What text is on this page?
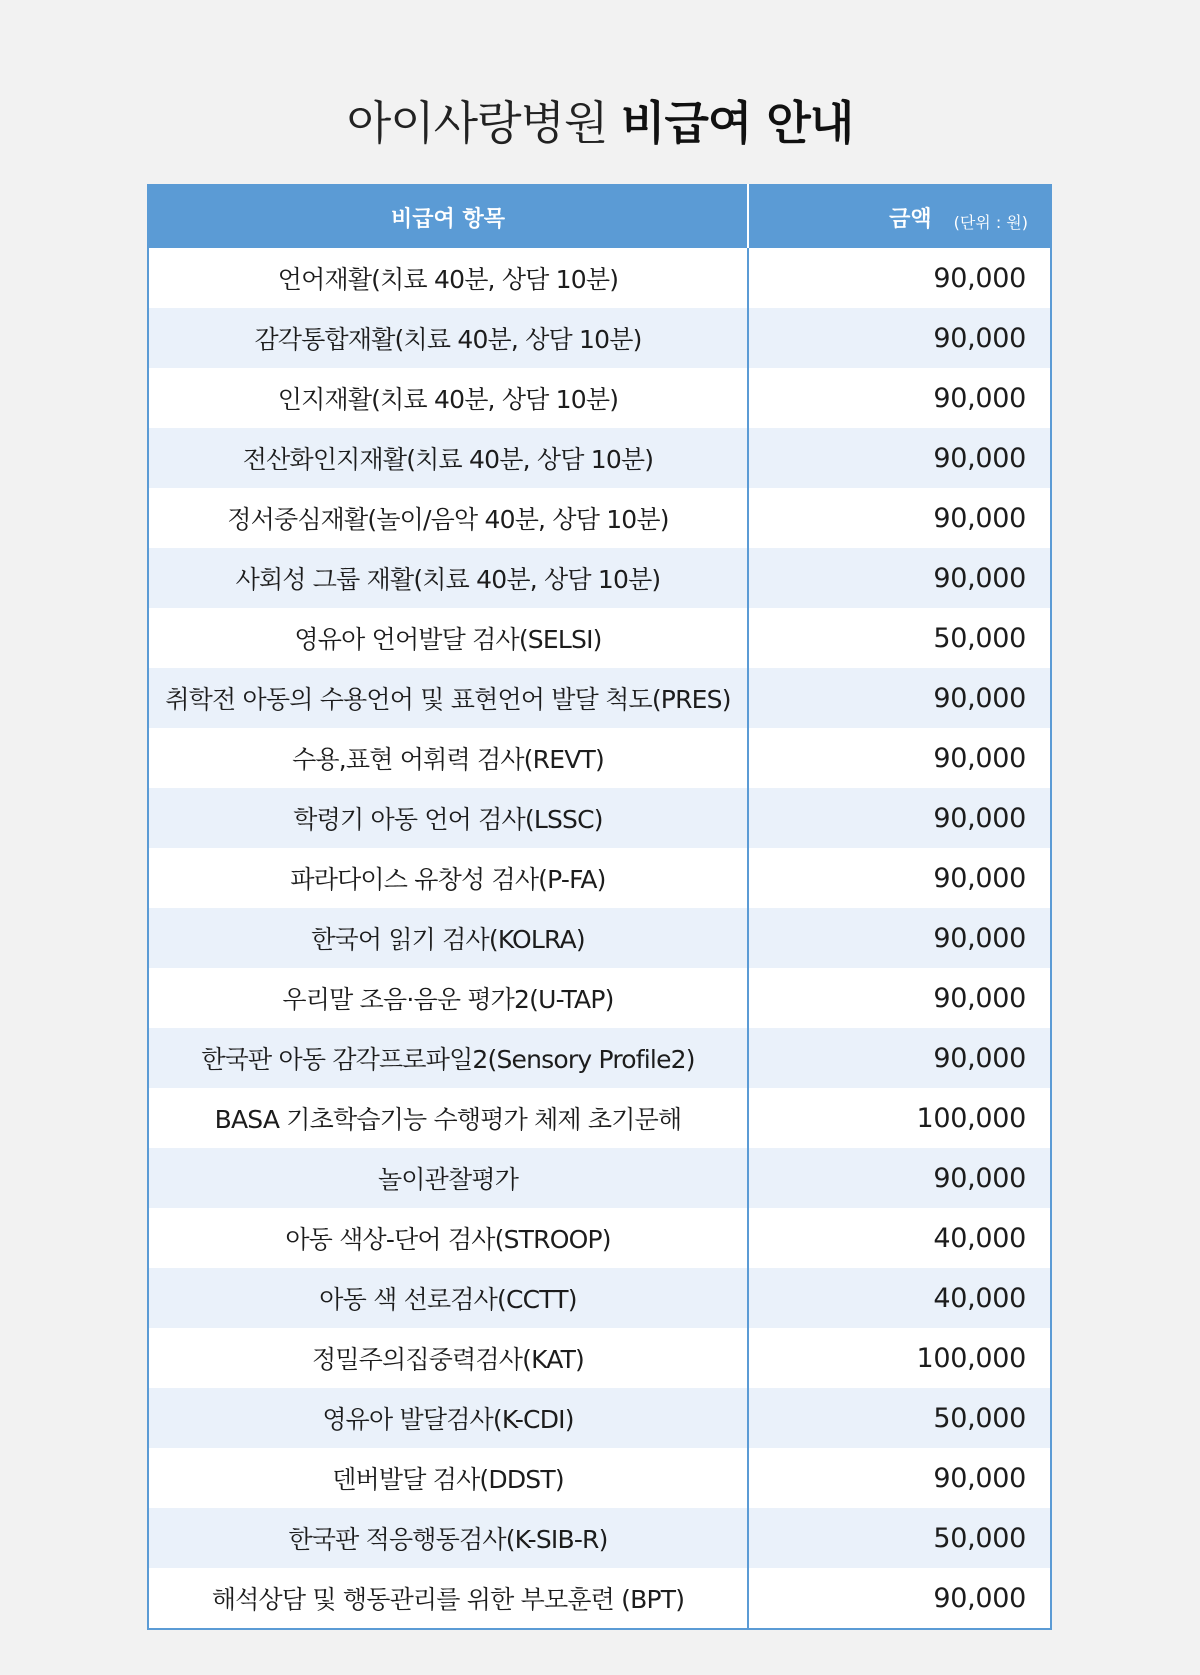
아이사랑병원 비급여 안내
비급여 항목	금액 (단위 : 원)
언어재활(치료 40분, 상담 10분)	90,000
감각통합재활(치료 40분, 상담 10분)	90,000
인지재활(치료 40분, 상담 10분)	90,000
전산화인지재활(치료 40분, 상담 10분)	90,000
정서중심재활(놀이/음악 40분, 상담 10분)	90,000
사회성 그룹 재활(치료 40분, 상담 10분)	90,000
영유아 언어발달 검사(SELSI)	50,000
취학전 아동의 수용언어 및 표현언어 발달 척도(PRES)	90,000
수용,표현 어휘력 검사(REVT)	90,000
학령기 아동 언어 검사(LSSC)	90,000
파라다이스 유창성 검사(P-FA)	90,000
한국어 읽기 검사(KOLRA)	90,000
우리말 조음·음운 평가2(U-TAP)	90,000
한국판 아동 감각프로파일2(Sensory Profile2)	90,000
BASA 기초학습기능 수행평가 체제 초기문해	100,000
놀이관찰평가	90,000
아동 색상-단어 검사(STROOP)	40,000
아동 색 선로검사(CCTT)	40,000
정밀주의집중력검사(KAT)	100,000
영유아 발달검사(K-CDI)	50,000
덴버발달 검사(DDST)	90,000
한국판 적응행동검사(K-SIB-R)	50,000
해석상담 및 행동관리를 위한 부모훈련 (BPT)	90,000
